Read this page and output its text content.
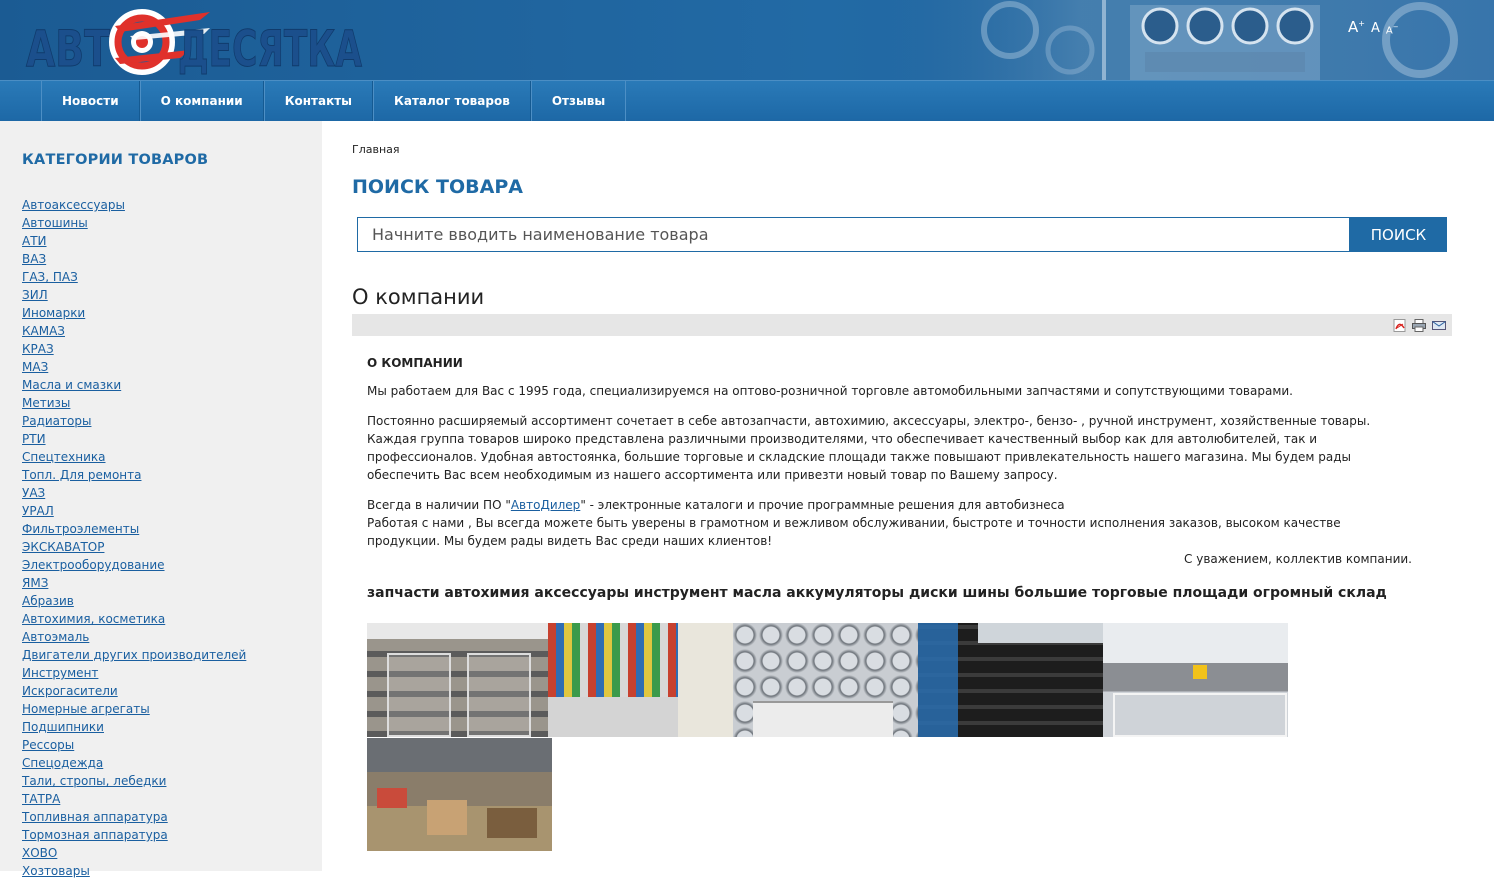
АВТ ДЕСЯТКА	A+ A A−
Новости	О компании	Контакты	Каталог товаров	Отзывы
КАТЕГОРИИ ТОВАРОВ
Автоаксессуары
Автошины
АТИ
ВАЗ
ГАЗ, ПАЗ
ЗИЛ
Иномарки
КАМАЗ
КРАЗ
МАЗ
Масла и смазки
Метизы
Радиаторы
РТИ
Спецтехника
Топл. Для ремонта
УАЗ
УРАЛ
Фильтроэлементы
ЭКСКАВАТОР
Электрооборудование
ЯМЗ
Абразив
Автохимия, косметика
Автоэмаль
Двигатели других производителей
Инструмент
Искрогасители
Номерные агрегаты
Подшипники
Рессоры
Спецодежда
Тали, стропы, лебедки
ТАТРА
Топливная аппаратура
Тормозная аппаратура
ХОВО
Хозтовары
Главная
ПОИСК ТОВАРА
Начните вводить наименование товара
ПОИСК
О компании

О КОМПАНИИ

Мы работаем для Вас с 1995 года, специализируемся на оптово-розничной торговле автомобильными запчастями и сопутствующими товарами.

Постоянно расширяемый ассортимент сочетает в себе автозапчасти, автохимию, аксессуары, электро-, бензо- , ручной инструмент, хозяйственные товары. Каждая группа товаров широко представлена различными производителями, что обеспечивает качественный выбор как для автолюбителей, так и профессионалов. Удобная автостоянка, большие торговые и складские площади также повышают привлекательность нашего магазина. Мы будем рады обеспечить Вас всем необходимым из нашего ассортимента или привезти новый товар по Вашему запросу.

Всегда в наличии ПО "АвтоДилер" - электронные каталоги и прочие программные решения для автобизнеса

Работая с нами , Вы всегда можете быть уверены в грамотном и вежливом обслуживании, быстроте и точности исполнения заказов, высоком качестве продукции. Мы будем рады видеть Вас среди наших клиентов!

С уважением, коллектив компании.

запчасти автохимия аксессуары инструмент масла аккумуляторы диски шины большие торговые площади огромный склад
